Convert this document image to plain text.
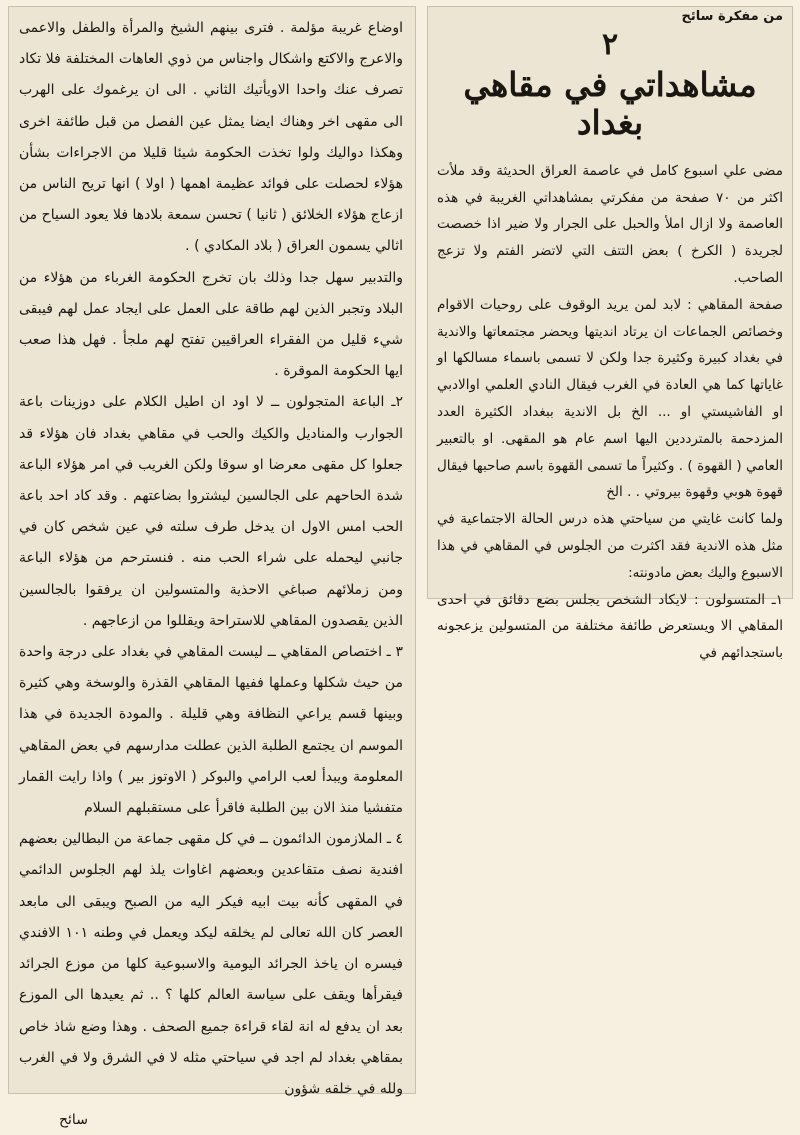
من مفكرة سائح

٢

مشاهداتي في مقاهي بغداد

مضى علي اسبوع كامل في عاصمة العراق الحديثة وقد ملأت اكثر من ٧٠ صفحة من مفكرتي بمشاهداتي الغريبة في هذه العاصمة ولا ازال املأ والحبل على الجرار ولا ضير اذا خصصت لجريدة ( الكرخ ) بعض التتف التي لاتضر الفتم ولا تزعج الصاحب.

صفحة المقاهي : لابد لمن يريد الوقوف على روحيات الاقوام وخصائص الجماعات ان يرتاد انديتها ويحضر مجتمعاتها والاندية في بغداد كبيرة وكثيرة جدا ولكن لا تسمى باسماء مسالكها او غاياتها كما هي العادة في الغرب فيقال النادي العلمي اوالادبي او الفاشيستي او ... الخ بل الاندية ببغداد الكثيرة العدد المزدحمة بالمترددين اليها اسم عام هو المقهى. او بالتعبير العامي ( القهوة ) . وكثيراً ما تسمى القهوة باسم صاحبها فيقال قهوة هوبي وقهوة بيروتي . . الخ

ولما كانت غايتي من سياحتي هذه درس الحالة الاجتماعية في مثل هذه الاندية فقد اكثرت من الجلوس في المقاهي في هذا الاسبوع واليك بعض مادونته:

١ـ المتسولون : لايكاد الشخص يجلس بضع دقائق في احدى المقاهي الا ويستعرض طائفة مختلفة من المتسولين يزعجونه باستجدائهم في

اوضاع غريبة مؤلمة . فترى بينهم الشيخ والمرأة والطفل والاعمى والاعرج والاكتع واشكال واجناس من ذوي العاهات المختلفة فلا تكاد تصرف عنك واحدا الاويأتيك الثاني . الى ان يرغموك على الهرب الى مقهى اخر وهناك ايضا يمثل عين الفصل من قبل طائفة اخرى وهكذا دواليك ولوا تخذت الحكومة شيئا قليلا من الاجراءات بشأن هؤلاء لحصلت على فوائد عظيمة اهمها ( اولا ) انها تريح الناس من ازعاج هؤلاء الخلائق ( ثانيا ) تحسن سمعة بلادها فلا يعود السياح من اثالي يسمون العراق ( بلاد المكادي ) .

والتدبير سهل جدا وذلك بان تخرج الحكومة الغرباء من هؤلاء من البلاد وتجبر الذين لهم طاقة على العمل على ايجاد عمل لهم فيبقى شيء قليل من الفقراء العراقيين تفتح لهم ملجأ . فهل هذا صعب ايها الحكومة الموقرة .

٢ـ الباعة المتجولون ــ لا اود ان اطيل الكلام على دوزينات باعة الجوارب والمناديل والكيك والحب في مقاهي بغداد فان هؤلاء قد جعلوا كل مقهى معرضا او سوقا ولكن الغريب في امر هؤلاء الباعة شدة الحاحهم على الجالسين ليشتروا بضاعتهم . وقد كاد احد باعة الحب امس الاول ان يدخل طرف سلته في عين شخص كان في جانبي ليحمله على شراء الحب منه . فنسترحم من هؤلاء الباعة ومن زملائهم صباغي الاحذية والمتسولين ان يرفقوا بالجالسين الذين يقصدون المقاهي للاستراحة ويقللوا من ازعاجهم .

٣ ـ اختصاص المقاهي ــ ليست المقاهي في بغداد على درجة واحدة من حيث شكلها وعملها ففيها المقاهي القذرة والوسخة وهي كثيرة وبينها قسم يراعي النظافة وهي قليلة . والمودة الجديدة في هذا الموسم ان يجتمع الطلبة الذين عطلت مدارسهم في بعض المقاهي المعلومة ويبدأ لعب الرامي والبوكر ( الاوتوز بير ) واذا رايت القمار متفشيا منذ الان بين الطلبة فاقرأ على مستقبلهم السلام

٤ ـ الملازمون الدائمون ــ في كل مقهى جماعة من البطالين بعضهم افندية نصف متقاعدين وبعضهم اغاوات يلذ لهم الجلوس الدائمي في المقهى كأنه بيت ابيه فيكر اليه من الصبح ويبقى الى مابعد العصر كان الله تعالى لم يخلقه ليكد ويعمل في وطنه ١٠١ الافندي فيسره ان ياخذ الجرائد اليومية والاسبوعية كلها من موزع الجرائد فيقرأها ويقف على سياسة العالم كلها ؟ .. ثم يعيدها الى الموزع بعد ان يدفع له انة لقاء قراءة جميع الصحف . وهذا وضع شاذ خاص بمقاهي بغداد لم اجد في سياحتي مثله لا في الشرق ولا في الغرب ولله في خلقه شؤون

سائح
